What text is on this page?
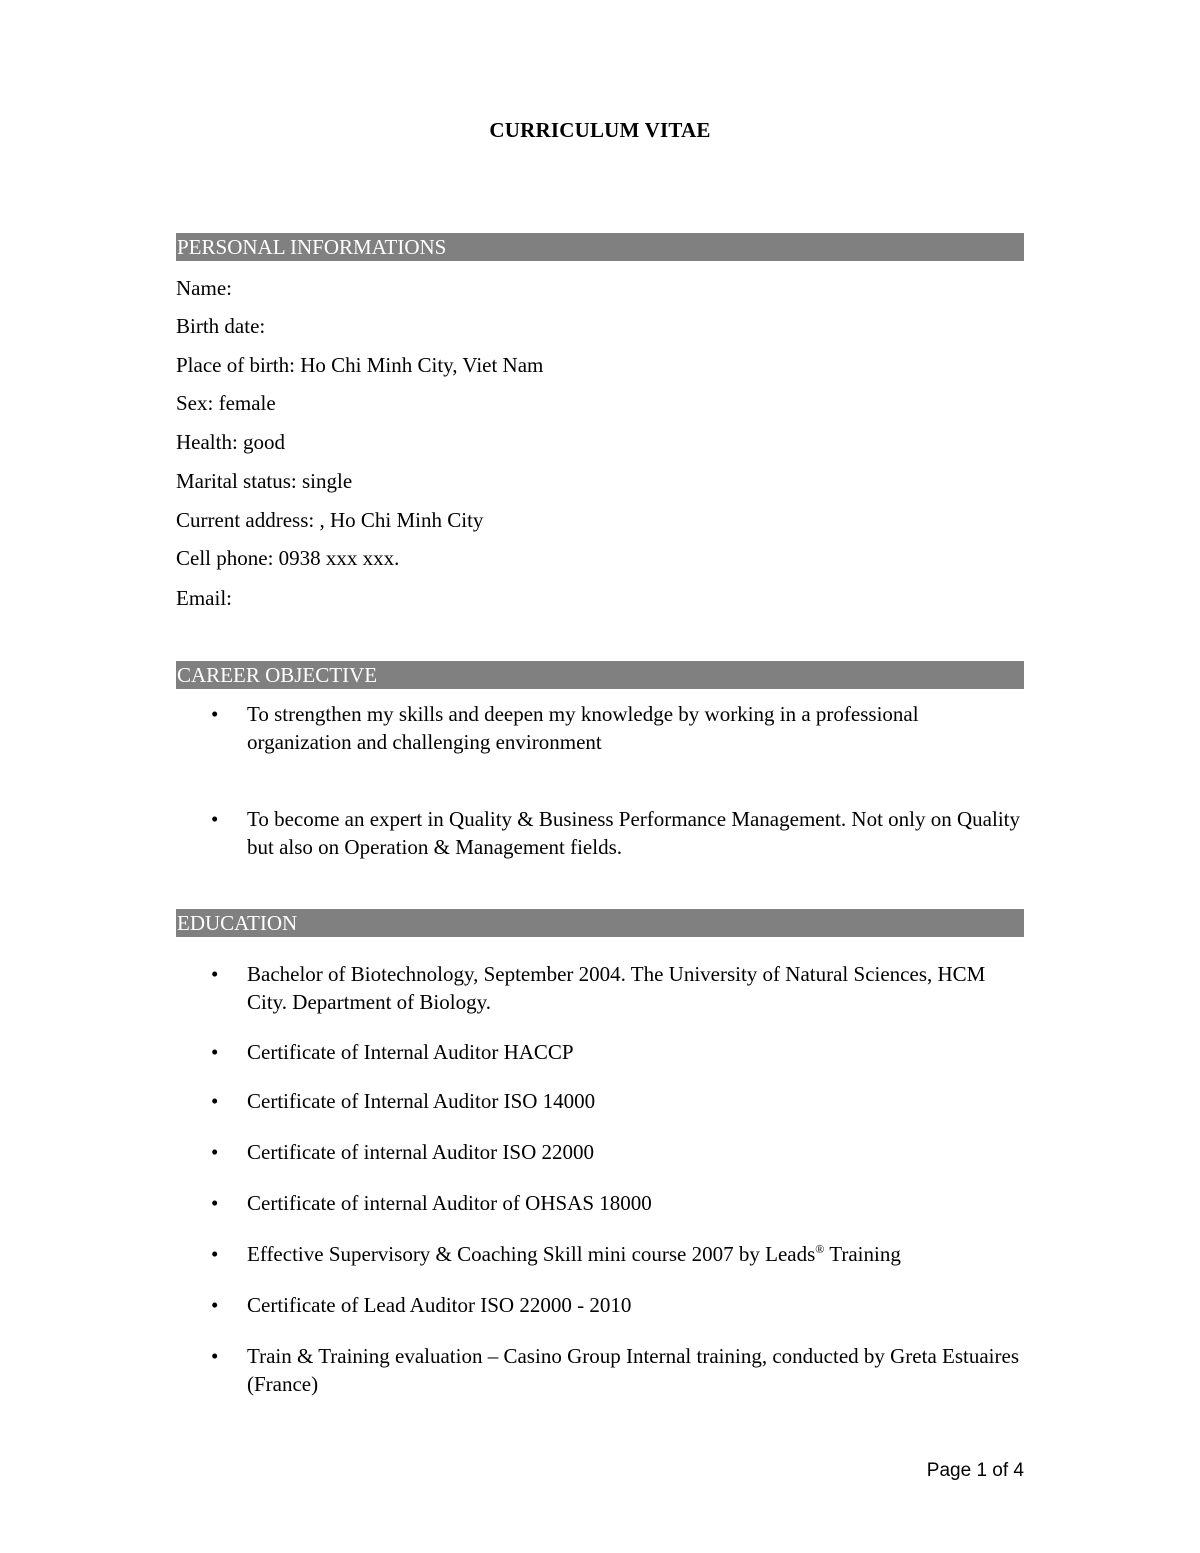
CURRICULUM VITAE
PERSONAL INFORMATIONS
Name:
Birth date:
Place of birth: Ho Chi Minh City, Viet Nam
Sex: female
Health: good
Marital status: single
Current address: , Ho Chi Minh City
Cell phone: 0938 xxx xxx.
Email:
CAREER OBJECTIVE
•	To strengthen my skills and deepen my knowledge by working in a professional organization and challenging environment
•	To become an expert in Quality & Business Performance Management. Not only on Quality but also on Operation & Management fields.
EDUCATION
•	Bachelor of Biotechnology, September 2004. The University of Natural Sciences, HCM City. Department of Biology.
•	Certificate of Internal Auditor HACCP
•	Certificate of Internal Auditor ISO 14000
•	Certificate of internal Auditor ISO 22000
•	Certificate of internal Auditor of OHSAS 18000
•	Effective Supervisory & Coaching Skill mini course 2007 by Leads® Training
•	Certificate of Lead Auditor ISO 22000 - 2010
•	Train & Training evaluation – Casino Group Internal training, conducted by Greta Estuaires (France)
Page 1 of 4
